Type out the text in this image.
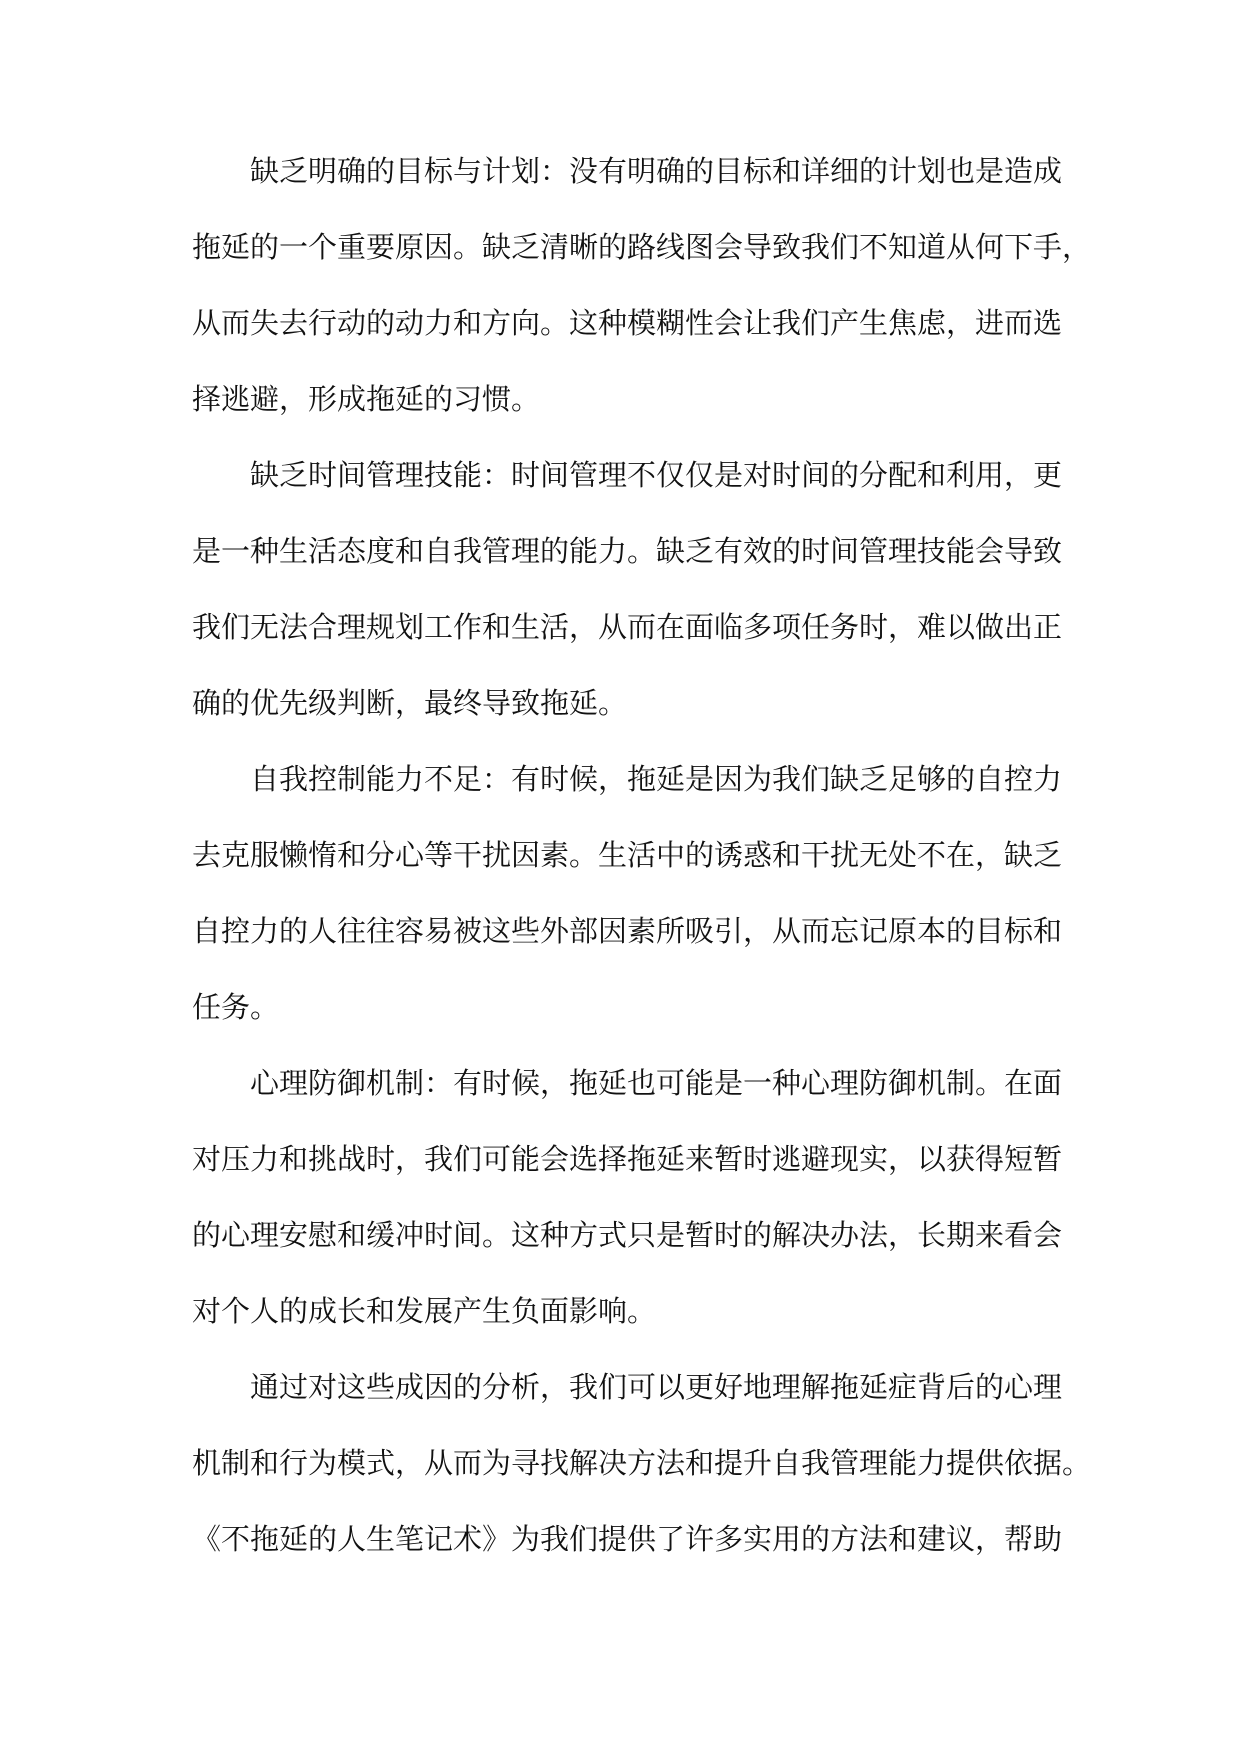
缺乏明确的目标与计划：没有明确的目标和详细的计划也是造成
拖延的一个重要原因。缺乏清晰的路线图会导致我们不知道从何下手，
从而失去行动的动力和方向。这种模糊性会让我们产生焦虑，进而选
择逃避，形成拖延的习惯。
缺乏时间管理技能：时间管理不仅仅是对时间的分配和利用，更
是一种生活态度和自我管理的能力。缺乏有效的时间管理技能会导致
我们无法合理规划工作和生活，从而在面临多项任务时，难以做出正
确的优先级判断，最终导致拖延。
自我控制能力不足：有时候，拖延是因为我们缺乏足够的自控力
去克服懒惰和分心等干扰因素。生活中的诱惑和干扰无处不在，缺乏
自控力的人往往容易被这些外部因素所吸引，从而忘记原本的目标和
任务。
心理防御机制：有时候，拖延也可能是一种心理防御机制。在面
对压力和挑战时，我们可能会选择拖延来暂时逃避现实，以获得短暂
的心理安慰和缓冲时间。这种方式只是暂时的解决办法，长期来看会
对个人的成长和发展产生负面影响。
通过对这些成因的分析，我们可以更好地理解拖延症背后的心理
机制和行为模式，从而为寻找解决方法和提升自我管理能力提供依据。
《不拖延的人生笔记术》为我们提供了许多实用的方法和建议，帮助
